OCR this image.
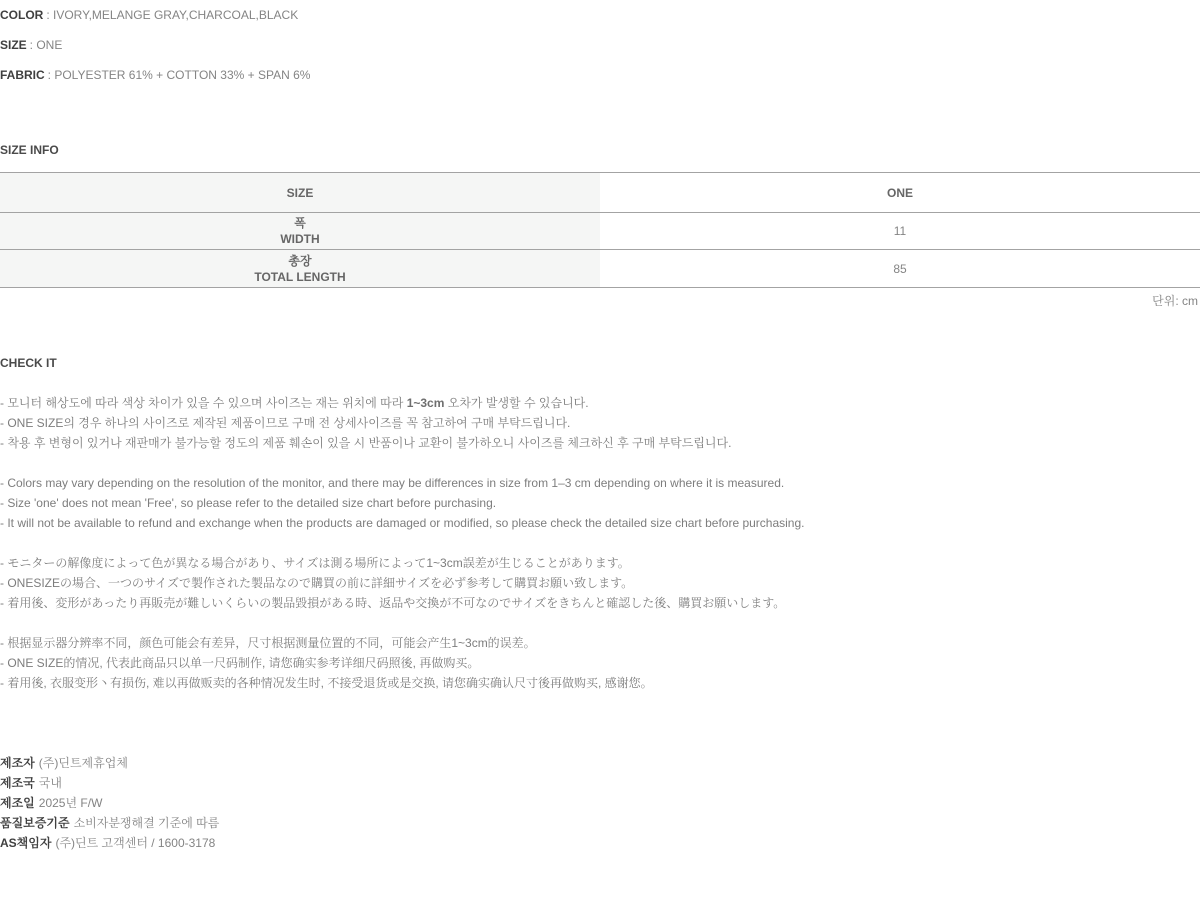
COLOR : IVORY,MELANGE GRAY,CHARCOAL,BLACK
SIZE : ONE
FABRIC : POLYESTER 61% + COTTON 33% + SPAN 6%
SIZE INFO
SIZE	ONE

폭
WIDTH	11

총장
TOTAL LENGTH	85
단위: cm
CHECK IT

- 모니터 해상도에 따라 색상 차이가 있을 수 있으며 사이즈는 재는 위치에 따라 1~3cm 오차가 발생할 수 있습니다.

- ONE SIZE의 경우 하나의 사이즈로 제작된 제품이므로 구매 전 상세사이즈를 꼭 참고하여 구매 부탁드립니다.

- 착용 후 변형이 있거나 재판매가 불가능할 정도의 제품 훼손이 있을 시 반품이나 교환이 불가하오니 사이즈를 체크하신 후 구매 부탁드립니다.

- Colors may vary depending on the resolution of the monitor, and there may be differences in size from 1–3 cm depending on where it is measured.

- Size 'one' does not mean 'Free', so please refer to the detailed size chart before purchasing.

- It will not be available to refund and exchange when the products are damaged or modified, so please check the detailed size chart before purchasing.

- モニターの解像度によって色が異なる場合があり、サイズは測る場所によって1~3cm誤差が生じることがあります。

- ONESIZEの場合、一つのサイズで製作された製品なので購買の前に詳細サイズを必ず参考して購買お願い致します。

- 着用後、変形があったり再販売が難しいくらいの製品毀損がある時、返品や交換が不可なのでサイズをきちんと確認した後、購買お願いします。

- 根据显示器分辨率不同，颜色可能会有差异，尺寸根据测量位置的不同，可能会产生1~3cm的误差。

- ONE SIZE的情况, 代表此商品只以单一尺码制作, 请您确实参考详细尺码照後, 再做购买。

- 着用後, 衣服变形丶有损伤, 难以再做贩卖的各种情况发生时, 不接受退货或是交换, 请您确实确认尺寸後再做购买, 感谢您。

제조자 (주)딘트제휴업체

제조국 국내

제조일 2025년 F/W

품질보증기준 소비자분쟁해결 기준에 따름

AS책임자 (주)딘트 고객센터 / 1600-3178
